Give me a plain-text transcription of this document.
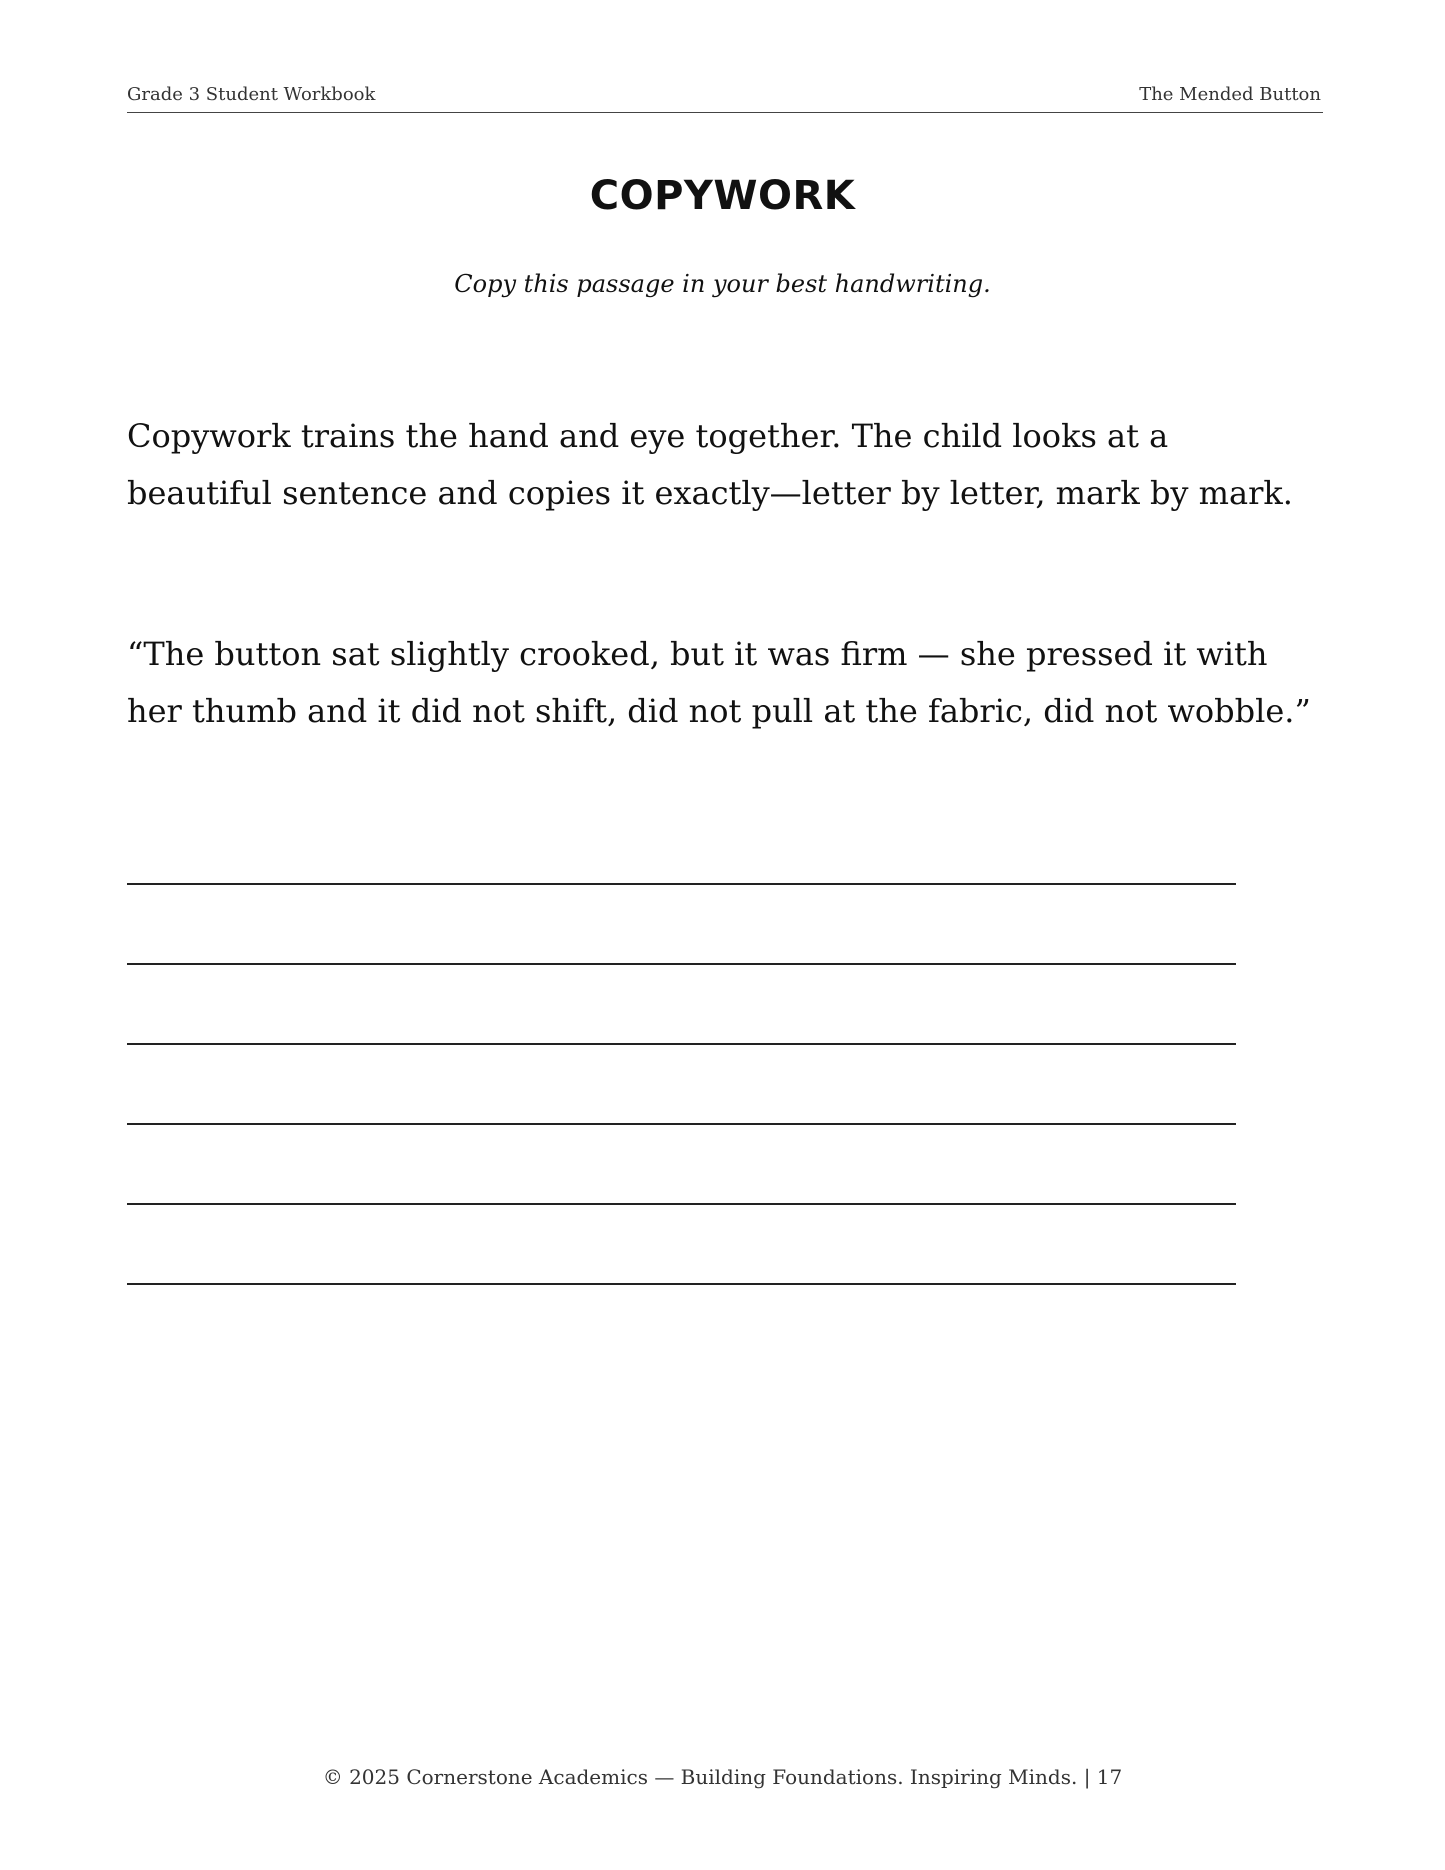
Grade 3 Student Workbook	The Mended Button
COPYWORK

Copy this passage in your best handwriting.

Copywork trains the hand and eye together. The child looks at a beautiful sentence and copies it exactly—letter by letter, mark by mark.

“The button sat slightly crooked, but it was firm — she pressed it with her thumb and it did not shift, did not pull at the fabric, did not wobble.”

© 2025 Cornerstone Academics — Building Foundations. Inspiring Minds. | 17
